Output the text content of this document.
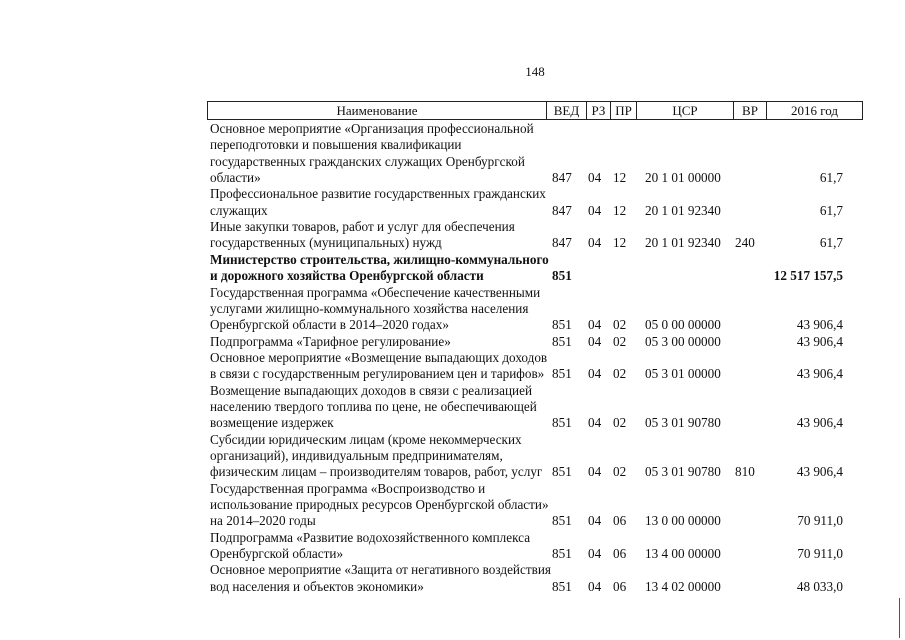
148
Наименование	ВЕД РЗ ПР	ЦСР	ВР	2016 год
Основное мероприятие «Организация профессиональной
переподготовки и повышения квалификации
государственных гражданских служащих Оренбургской
области»	847	04 12	20 1 01 00000	61,7
Профессиональное развитие государственных гражданских
служащих	847	04 12	20 1 01 92340	61,7
Иные закупки товаров, работ и услуг для обеспечения
государственных (муниципальных) нужд	847	04 12	20 1 01 92340	240	61,7
Министерство строительства, жилищно-коммунального
и дорожного хозяйства Оренбургской области	851	12 517 157,5
Государственная программа «Обеспечение качественными
услугами жилищно-коммунального хозяйства населения
Оренбургской области в 2014–2020 годах»	851	04 02	05 0 00 00000	43 906,4
Подпрограмма «Тарифное регулирование»	851	04 02	05 3 00 00000	43 906,4
Основное мероприятие «Возмещение выпадающих доходов
в связи с государственным регулированием цен и тарифов» 851	04 02	05 3 01 00000	43 906,4
Возмещение выпадающих доходов в связи с реализацией
населению твердого топлива по цене, не обеспечивающей
возмещение издержек	851	04 02	05 3 01 90780	43 906,4
Субсидии юридическим лицам (кроме некоммерческих
организаций), индивидуальным предпринимателям,
физическим лицам – производителям товаров, работ, услуг 851	04 02	05 3 01 90780	810	43 906,4
Государственная программа «Воспроизводство и
использование природных ресурсов Оренбургской области»
на 2014–2020 годы	851	04 06	13 0 00 00000	70 911,0
Подпрограмма «Развитие водохозяйственного комплекса
Оренбургской области»	851	04 06	13 4 00 00000	70 911,0
Основное мероприятие «Защита от негативного воздействия
вод населения и объектов экономики»	851	04 06	13 4 02 00000	48 033,0
